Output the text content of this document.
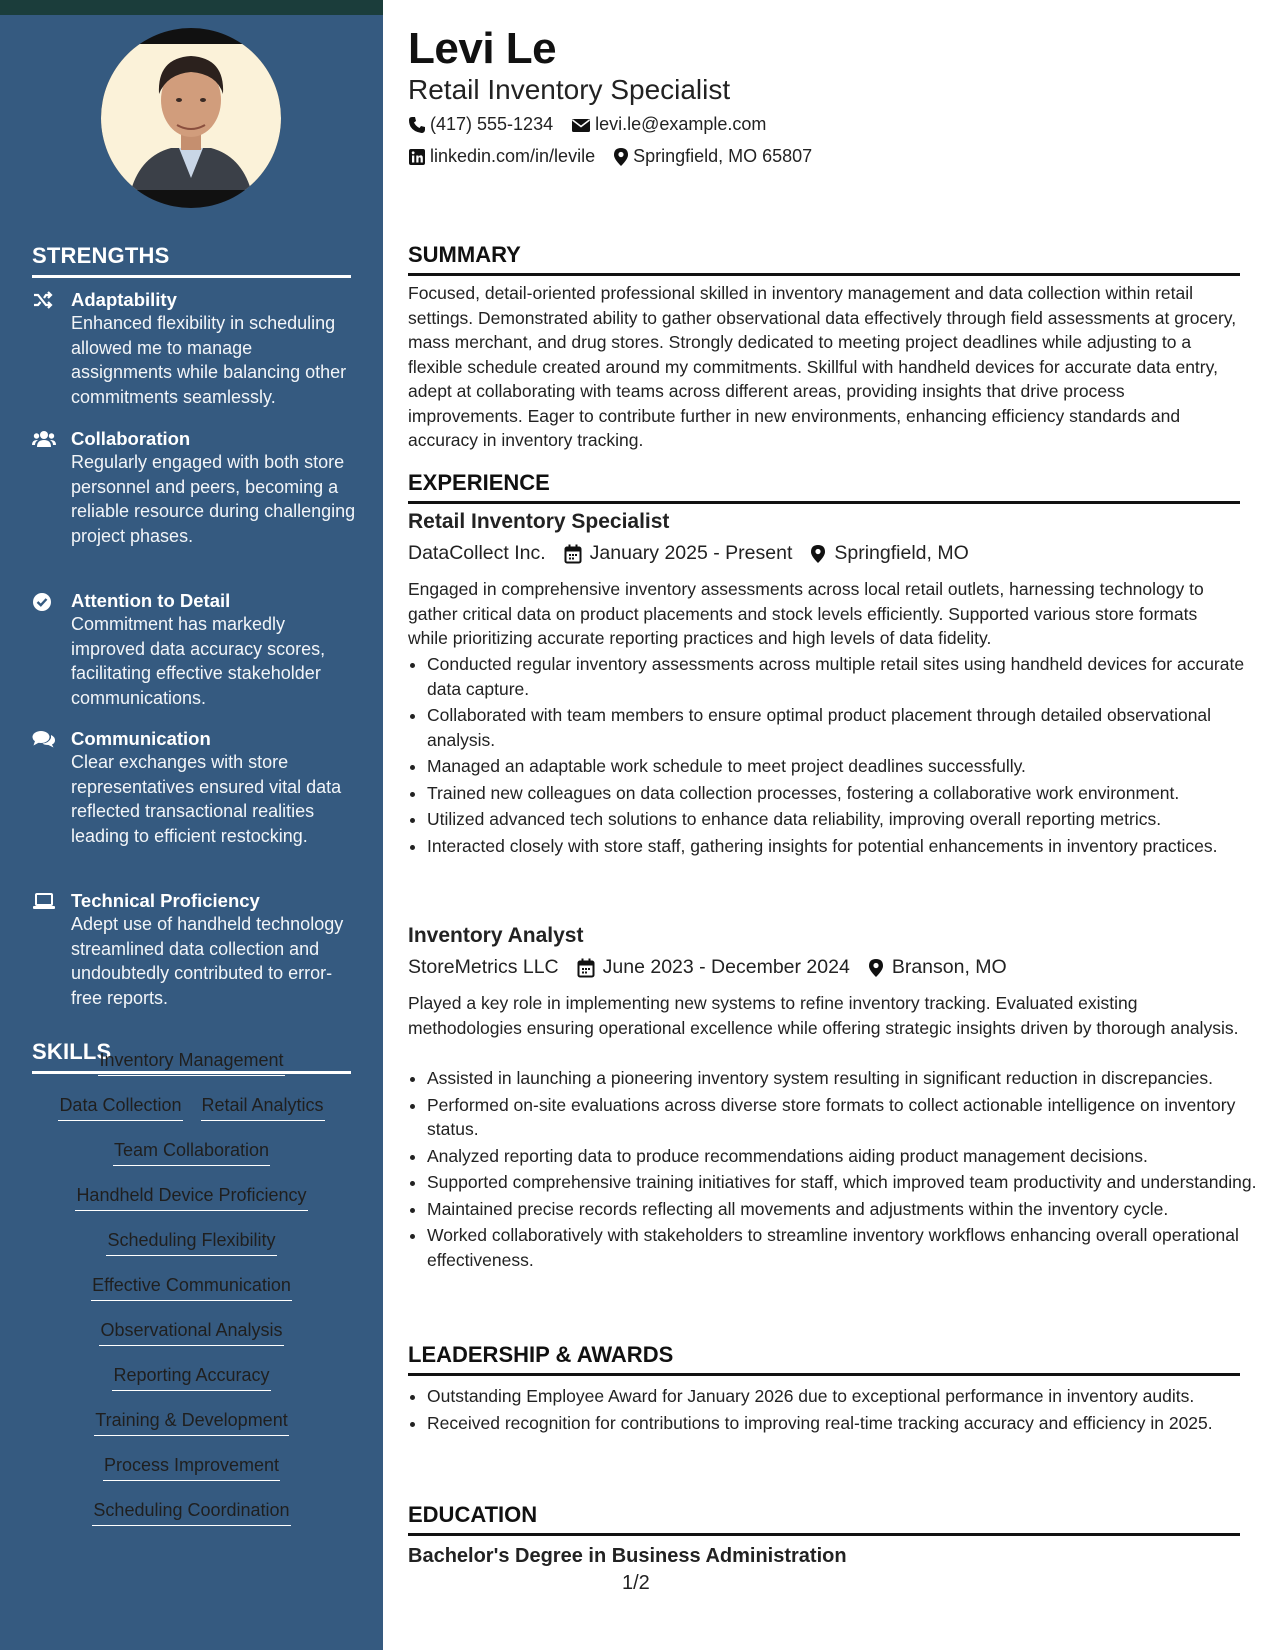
STRENGTHS
Adaptability
Enhanced flexibility in scheduling allowed me to manage assignments while balancing other commitments seamlessly.
Collaboration
Regularly engaged with both store personnel and peers, becoming a reliable resource during challenging project phases.
Attention to Detail
Commitment has markedly improved data accuracy scores, facilitating effective stakeholder communications.
Communication
Clear exchanges with store representatives ensured vital data reflected transactional realities leading to efficient restocking.
Technical Proficiency
Adept use of handheld technology streamlined data collection and undoubtedly contributed to error-free reports.
SKILLS
Inventory Management
Data Collection Retail Analytics
Team Collaboration
Handheld Device Proficiency
Scheduling Flexibility
Effective Communication
Observational Analysis
Reporting Accuracy
Training & Development
Process Improvement
Scheduling Coordination
Levi Le
Retail Inventory Specialist
(417) 555-1234 levi.le@example.com
linkedin.com/in/levile Springfield, MO 65807
SUMMARY
Focused, detail-oriented professional skilled in inventory management and data collection within retail settings. Demonstrated ability to gather observational data effectively through field assessments at grocery, mass merchant, and drug stores. Strongly dedicated to meeting project deadlines while adjusting to a flexible schedule created around my commitments. Skillful with handheld devices for accurate data entry, adept at collaborating with teams across different areas, providing insights that drive process improvements. Eager to contribute further in new environments, enhancing efficiency standards and accuracy in inventory tracking.
EXPERIENCE
Retail Inventory Specialist
DataCollect Inc. January 2025 - Present Springfield, MO
Engaged in comprehensive inventory assessments across local retail outlets, harnessing technology to gather critical data on product placements and stock levels efficiently. Supported various store formats while prioritizing accurate reporting practices and high levels of data fidelity.
• Conducted regular inventory assessments across multiple retail sites using handheld devices for accurate data capture.
• Collaborated with team members to ensure optimal product placement through detailed observational analysis.
• Managed an adaptable work schedule to meet project deadlines successfully.
• Trained new colleagues on data collection processes, fostering a collaborative work environment.
• Utilized advanced tech solutions to enhance data reliability, improving overall reporting metrics.
• Interacted closely with store staff, gathering insights for potential enhancements in inventory practices.
Inventory Analyst
StoreMetrics LLC June 2023 - December 2024 Branson, MO
Played a key role in implementing new systems to refine inventory tracking. Evaluated existing methodologies ensuring operational excellence while offering strategic insights driven by thorough analysis.
• Assisted in launching a pioneering inventory system resulting in significant reduction in discrepancies.
• Performed on-site evaluations across diverse store formats to collect actionable intelligence on inventory status.
• Analyzed reporting data to produce recommendations aiding product management decisions.
• Supported comprehensive training initiatives for staff, which improved team productivity and understanding.
• Maintained precise records reflecting all movements and adjustments within the inventory cycle.
• Worked collaboratively with stakeholders to streamline inventory workflows enhancing overall operational effectiveness.
LEADERSHIP & AWARDS
• Outstanding Employee Award for January 2026 due to exceptional performance in inventory audits.
• Received recognition for contributions to improving real-time tracking accuracy and efficiency in 2025.
EDUCATION
Bachelor's Degree in Business Administration
1/2
